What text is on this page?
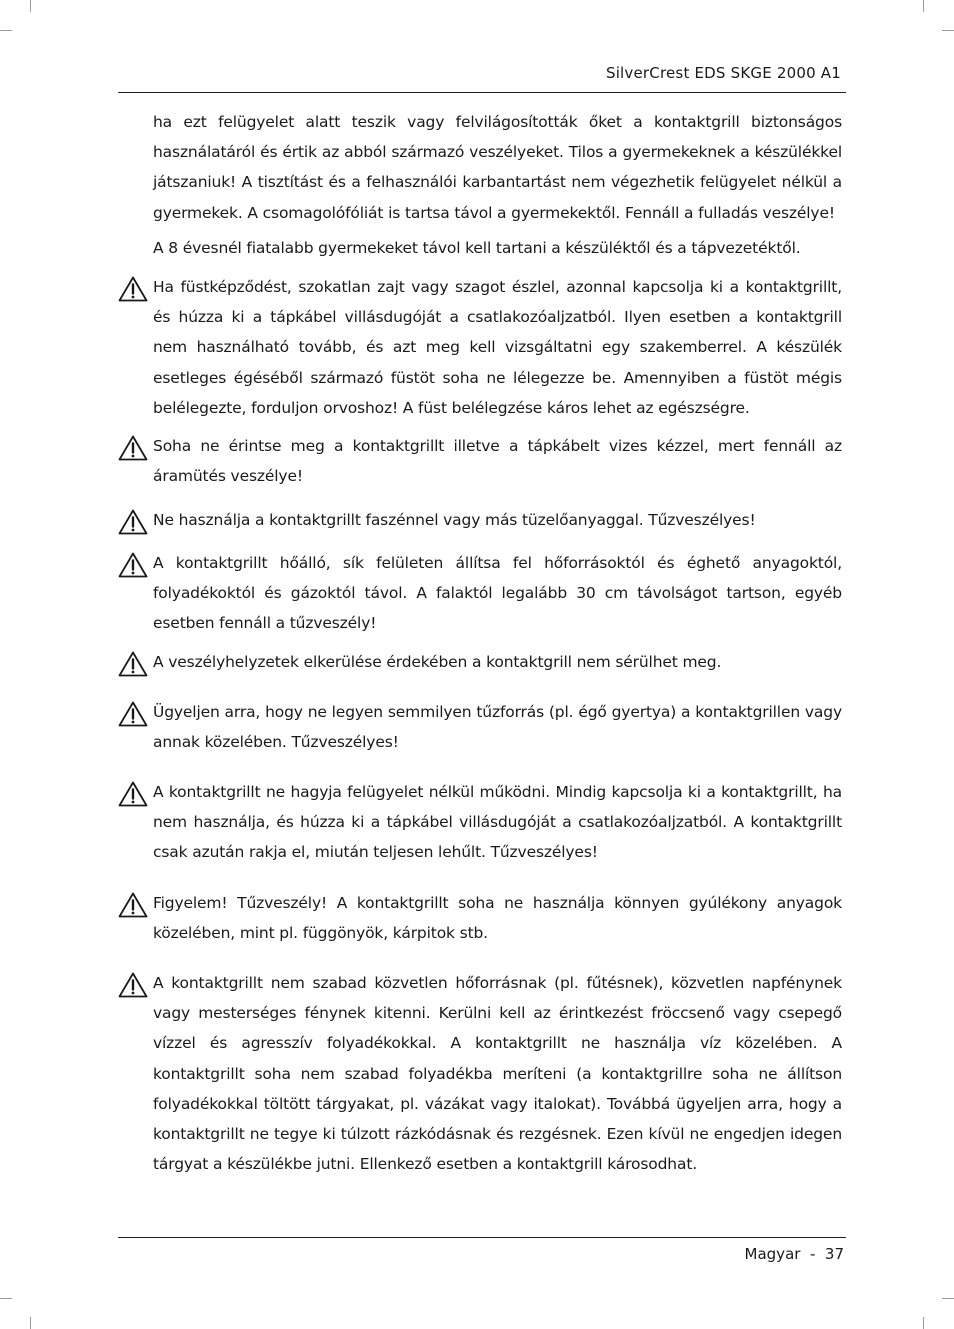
SilverCrest EDS SKGE 2000 A1
ha ezt felügyelet alatt teszik vagy felvilágosították őket a kontaktgrill biztonságos használatáról és értik az abból származó veszélyeket. Tilos a gyermekeknek a készülékkel játszaniuk! A tisztítást és a felhasználói karbantartást nem végezhetik felügyelet nélkül a gyermekek. A csomagolófóliát is tartsa távol a gyermekektől. Fennáll a fulladás veszélye!
A 8 évesnél fiatalabb gyermekeket távol kell tartani a készüléktől és a tápvezetéktől.
Ha füstképződést, szokatlan zajt vagy szagot észlel, azonnal kapcsolja ki a kontaktgrillt, és húzza ki a tápkábel villásdugóját a csatlakozóaljzatból. Ilyen esetben a kontaktgrill nem használható tovább, és azt meg kell vizsgáltatni egy szakemberrel. A készülék esetleges égéséből származó füstöt soha ne lélegezze be. Amennyiben a füstöt mégis belélegezte, forduljon orvoshoz! A füst belélegzése káros lehet az egészségre.
Soha ne érintse meg a kontaktgrillt illetve a tápkábelt vizes kézzel, mert fennáll az áramütés veszélye!
Ne használja a kontaktgrillt faszénnel vagy más tüzelőanyaggal. Tűzveszélyes!
A kontaktgrillt hőálló, sík felületen állítsa fel hőforrásoktól és éghető anyagoktól, folyadékoktól és gázoktól távol. A falaktól legalább 30 cm távolságot tartson, egyéb esetben fennáll a tűzveszély!
A veszélyhelyzetek elkerülése érdekében a kontaktgrill nem sérülhet meg.
Ügyeljen arra, hogy ne legyen semmilyen tűzforrás (pl. égő gyertya) a kontaktgrillen vagy annak közelében. Tűzveszélyes!
A kontaktgrillt ne hagyja felügyelet nélkül működni. Mindig kapcsolja ki a kontaktgrillt, ha nem használja, és húzza ki a tápkábel villásdugóját a csatlakozóaljzatból. A kontaktgrillt csak azután rakja el, miután teljesen lehűlt. Tűzveszélyes!
Figyelem! Tűzveszély! A kontaktgrillt soha ne használja könnyen gyúlékony anyagok közelében, mint pl. függönyök, kárpitok stb.
A kontaktgrillt nem szabad közvetlen hőforrásnak (pl. fűtésnek), közvetlen napfénynek vagy mesterséges fénynek kitenni. Kerülni kell az érintkezést fröccsenő vagy csepegő vízzel és agresszív folyadékokkal. A kontaktgrillt ne használja víz közelében. A kontaktgrillt soha nem szabad folyadékba meríteni (a kontaktgrillre soha ne állítson folyadékokkal töltött tárgyakat, pl. vázákat vagy italokat). Továbbá ügyeljen arra, hogy a kontaktgrillt ne tegye ki túlzott rázkódásnak és rezgésnek. Ezen kívül ne engedjen idegen tárgyat a készülékbe jutni. Ellenkező esetben a kontaktgrill károsodhat.
Magyar  -  37
